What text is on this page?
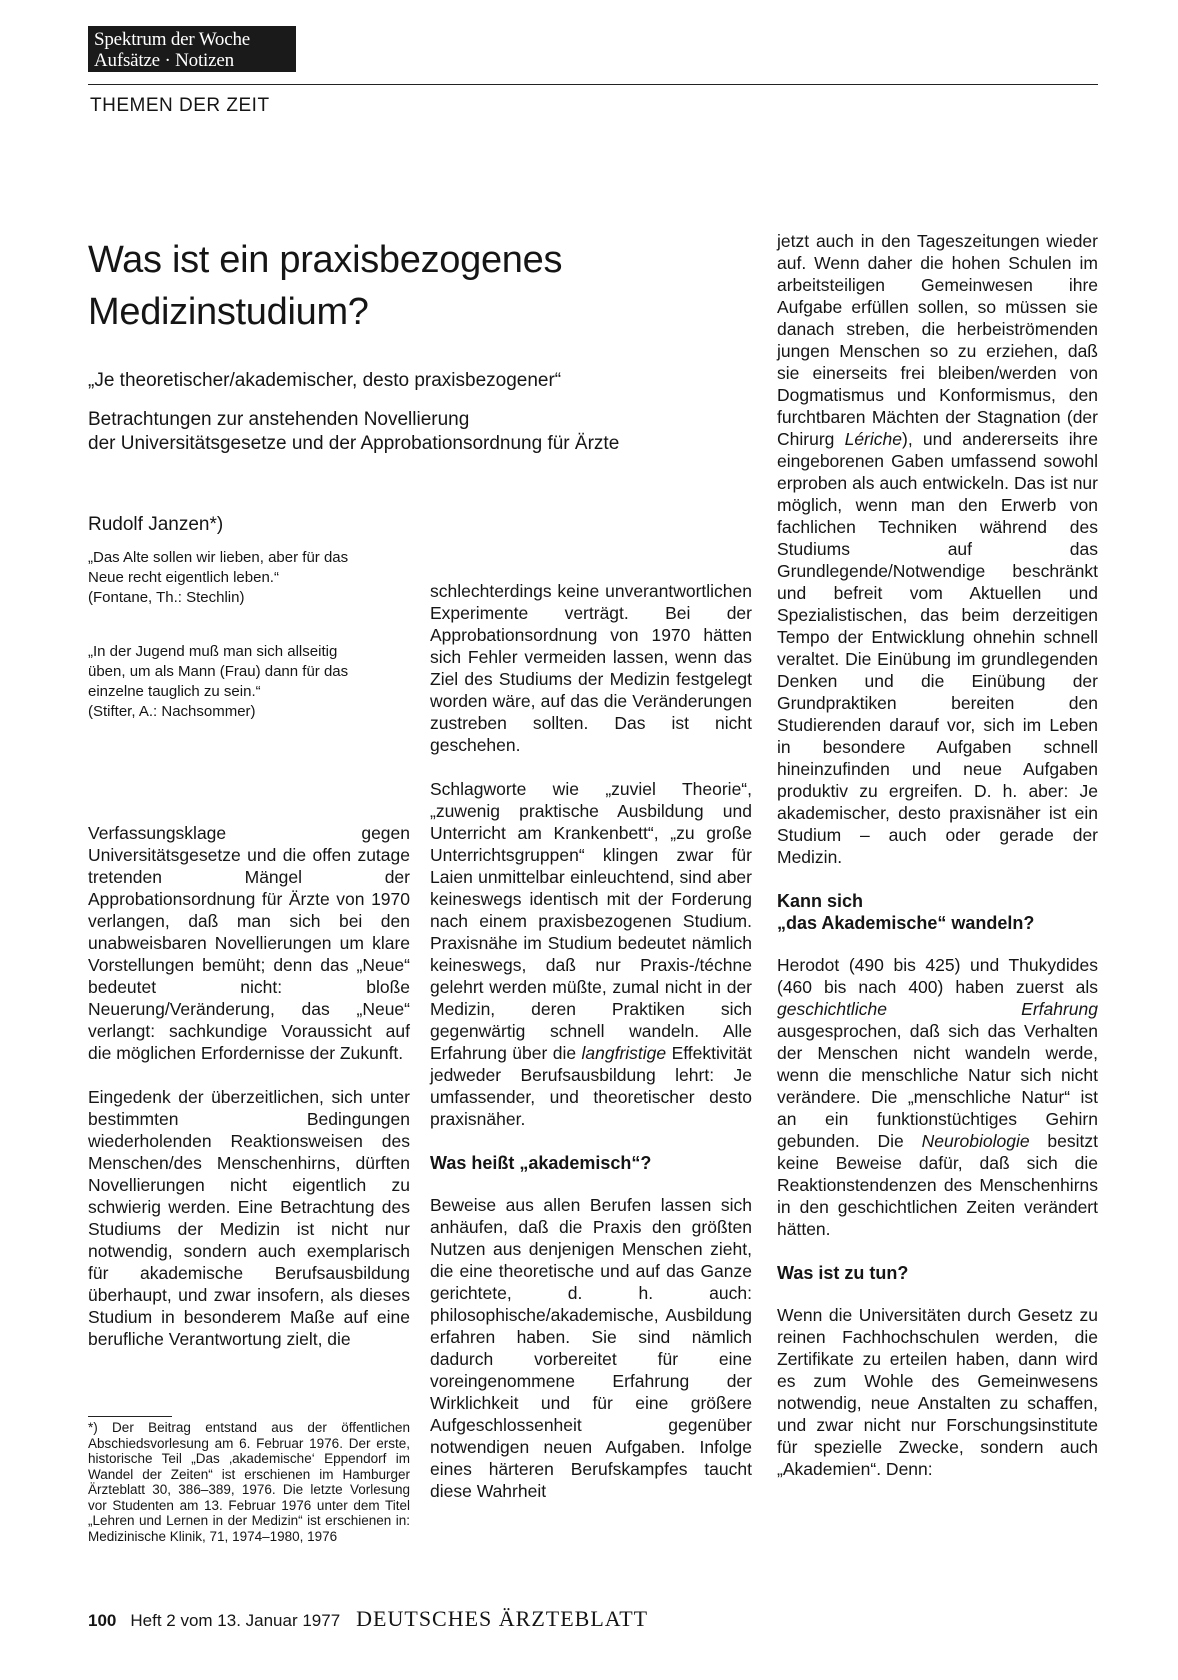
Spektrum der Woche
Aufsätze · Notizen
THEMEN DER ZEIT
Was ist ein praxisbezogenes
Medizinstudium?
„Je theoretischer/akademischer, desto praxisbezogener“
Betrachtungen zur anstehenden Novellierung
der Universitätsgesetze und der Approbationsordnung für Ärzte
Rudolf Janzen*)

„Das Alte sollen wir lieben, aber für das Neue recht eigentlich leben.“

(Fontane, Th.: Stechlin)

„In der Jugend muß man sich allseitig üben, um als Mann (Frau) dann für das einzelne tauglich zu sein.“

(Stifter, A.: Nachsommer)

Verfassungsklage gegen Universitätsgesetze und die offen zutage tretenden Mängel der Approbationsordnung für Ärzte von 1970 verlangen, daß man sich bei den unabweisbaren Novellierungen um klare Vorstellungen bemüht; denn das „Neue“ bedeutet nicht: bloße Neuerung/Veränderung, das „Neue“ verlangt: sachkundige Voraussicht auf die möglichen Erfordernisse der Zukunft.

Eingedenk der überzeitlichen, sich unter bestimmten Bedingungen wiederholenden Reaktionsweisen des Menschen/des Menschenhirns, dürften Novellierungen nicht eigentlich zu schwierig werden. Eine Betrachtung des Studiums der Medizin ist nicht nur notwendig, sondern auch exemplarisch für akademische Berufsausbildung überhaupt, und zwar insofern, als dieses Studium in besonderem Maße auf eine berufliche Verantwortung zielt, die

schlechterdings keine unverantwortlichen Experimente verträgt. Bei der Approbationsordnung von 1970 hätten sich Fehler vermeiden lassen, wenn das Ziel des Studiums der Medizin festgelegt worden wäre, auf das die Veränderungen zustreben sollten. Das ist nicht geschehen.

Schlagworte wie „zuviel Theorie“, „zuwenig praktische Ausbildung und Unterricht am Krankenbett“, „zu große Unterrichtsgruppen“ klingen zwar für Laien unmittelbar einleuchtend, sind aber keineswegs identisch mit der Forderung nach einem praxisbezogenen Studium. Praxisnähe im Studium bedeutet nämlich keineswegs, daß nur Praxis-/téchne gelehrt werden müßte, zumal nicht in der Medizin, deren Praktiken sich gegenwärtig schnell wandeln. Alle Erfahrung über die langfristige Effektivität jedweder Berufsausbildung lehrt: Je umfassender, und theoretischer desto praxisnäher.

Was heißt „akademisch“?

Beweise aus allen Berufen lassen sich anhäufen, daß die Praxis den größten Nutzen aus denjenigen Menschen zieht, die eine theoretische und auf das Ganze gerichtete, d. h. auch: philosophische/akademische, Ausbildung erfahren haben. Sie sind nämlich dadurch vorbereitet für eine voreingenommene Erfahrung der Wirklichkeit und für eine größere Aufgeschlossenheit gegenüber notwendigen neuen Aufgaben. Infolge eines härteren Berufskampfes taucht diese Wahrheit

jetzt auch in den Tageszeitungen wieder auf. Wenn daher die hohen Schulen im arbeitsteiligen Gemeinwesen ihre Aufgabe erfüllen sollen, so müssen sie danach streben, die herbeiströmenden jungen Menschen so zu erziehen, daß sie einerseits frei bleiben/werden von Dogmatismus und Konformismus, den furchtbaren Mächten der Stagnation (der Chirurg Lériche), und andererseits ihre eingeborenen Gaben umfassend sowohl erproben als auch entwickeln. Das ist nur möglich, wenn man den Erwerb von fachlichen Techniken während des Studiums auf das Grundlegende/Notwendige beschränkt und befreit vom Aktuellen und Spezialistischen, das beim derzeitigen Tempo der Entwicklung ohnehin schnell veraltet. Die Einübung im grundlegenden Denken und die Einübung der Grundpraktiken bereiten den Studierenden darauf vor, sich im Leben in besondere Aufgaben schnell hineinzufinden und neue Aufgaben produktiv zu ergreifen. D. h. aber: Je akademischer, desto praxisnäher ist ein Studium – auch oder gerade der Medizin.

Kann sich
„das Akademische“ wandeln?

Herodot (490 bis 425) und Thukydides (460 bis nach 400) haben zuerst als geschichtliche Erfahrung ausgesprochen, daß sich das Verhalten der Menschen nicht wandeln werde, wenn die menschliche Natur sich nicht verändere. Die „menschliche Natur“ ist an ein funktionstüchtiges Gehirn gebunden. Die Neurobiologie besitzt keine Beweise dafür, daß sich die Reaktionstendenzen des Menschenhirns in den geschichtlichen Zeiten verändert hätten.

Was ist zu tun?

Wenn die Universitäten durch Gesetz zu reinen Fachhochschulen werden, die Zertifikate zu erteilen haben, dann wird es zum Wohle des Gemeinwesens notwendig, neue Anstalten zu schaffen, und zwar nicht nur Forschungsinstitute für spezielle Zwecke, sondern auch „Akademien“. Denn:

*) Der Beitrag entstand aus der öffentlichen Abschiedsvorlesung am 6. Februar 1976. Der erste, historische Teil „Das ‚akademische‘ Eppendorf im Wandel der Zeiten“ ist erschienen im Hamburger Ärzteblatt 30, 386–389, 1976. Die letzte Vorlesung vor Studenten am 13. Februar 1976 unter dem Titel „Lehren und Lernen in der Medizin“ ist erschienen in: Medizinische Klinik, 71, 1974–1980, 1976
100 Heft 2 vom 13. Januar 1977 DEUTSCHES ÄRZTEBLATT
